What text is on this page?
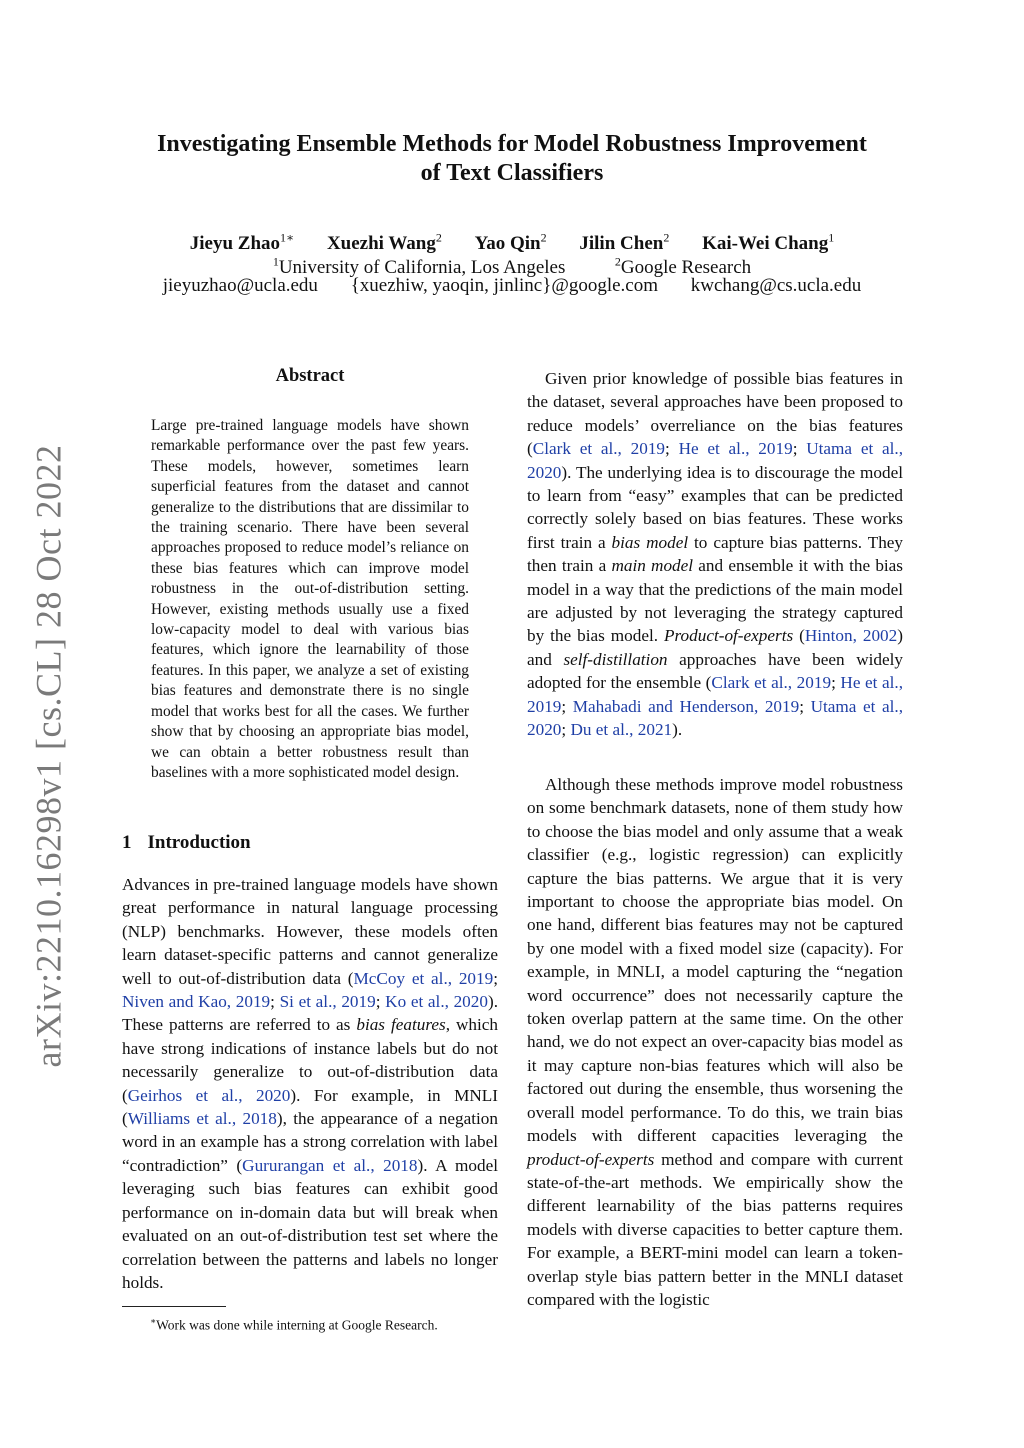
arXiv:2210.16298v1 [cs.CL] 28 Oct 2022
Investigating Ensemble Methods for Model Robustness Improvement
of Text Classifiers
Jieyu Zhao$^{1∗}$ Xuezhi Wang$^2$ Yao Qin$^2$ Jilin Chen$^2$ Kai-Wei Chang$^1$
$^1$University of California, Los Angeles	$^2$Google Research
jieyuzhao@ucla.edu {xuezhiw, yaoqin, jinlinc}@google.com kwchang@cs.ucla.edu
Abstract

Large pre-trained language models have shown remarkable performance over the past few years. These models, however, sometimes learn superficial features from the dataset and cannot generalize to the distributions that are dissimilar to the training scenario. There have been several approaches proposed to reduce model’s reliance on these bias features which can improve model robustness in the out-of-distribution setting. However, existing methods usually use a fixed low-capacity model to deal with various bias features, which ignore the learnability of those features. In this paper, we analyze a set of existing bias features and demonstrate there is no single model that works best for all the cases. We further show that by choosing an appropriate bias model, we can obtain a better robustness result than baselines with a more sophisticated model design.

1 Introduction

Advances in pre-trained language models have shown great performance in natural language processing (NLP) benchmarks. However, these models often learn dataset-specific patterns and cannot generalize well to out-of-distribution data (McCoy et al., 2019; Niven and Kao, 2019; Si et al., 2019; Ko et al., 2020). These patterns are referred to as bias features, which have strong indications of instance labels but do not necessarily generalize to out-of-distribution data (Geirhos et al., 2020). For example, in MNLI (Williams et al., 2018), the appearance of a negation word in an example has a strong correlation with label “contradiction” (Gururangan et al., 2018). A model leveraging such bias features can exhibit good performance on in-domain data but will break when evaluated on an out-of-distribution test set where the correlation between the patterns and labels no longer holds.

Given prior knowledge of possible bias features in the dataset, several approaches have been proposed to reduce models’ overreliance on the bias features (Clark et al., 2019; He et al., 2019; Utama et al., 2020). The underlying idea is to discourage the model to learn from “easy” examples that can be predicted correctly solely based on bias features. These works first train a bias model to capture bias patterns. They then train a main model and ensemble it with the bias model in a way that the predictions of the main model are adjusted by not leveraging the strategy captured by the bias model. Product-of-experts (Hinton, 2002) and self-distillation approaches have been widely adopted for the ensemble (Clark et al., 2019; He et al., 2019; Mahabadi and Henderson, 2019; Utama et al., 2020; Du et al., 2021).

Although these methods improve model robustness on some benchmark datasets, none of them study how to choose the bias model and only assume that a weak classifier (e.g., logistic regression) can explicitly capture the bias patterns. We argue that it is very important to choose the appropriate bias model. On one hand, different bias features may not be captured by one model with a fixed model size (capacity). For example, in MNLI, a model capturing the “negation word occurrence” does not necessarily capture the token overlap pattern at the same time. On the other hand, we do not expect an over-capacity bias model as it may capture non-bias features which will also be factored out during the ensemble, thus worsening the overall model performance. To do this, we train bias models with different capacities leveraging the product-of-experts method and compare with current state-of-the-art methods. We empirically show the different learnability of the bias patterns requires models with diverse capacities to better capture them. For example, a BERT-mini model can learn a token-overlap style bias pattern better in the MNLI dataset compared with the logistic

∗Work was done while interning at Google Research.
